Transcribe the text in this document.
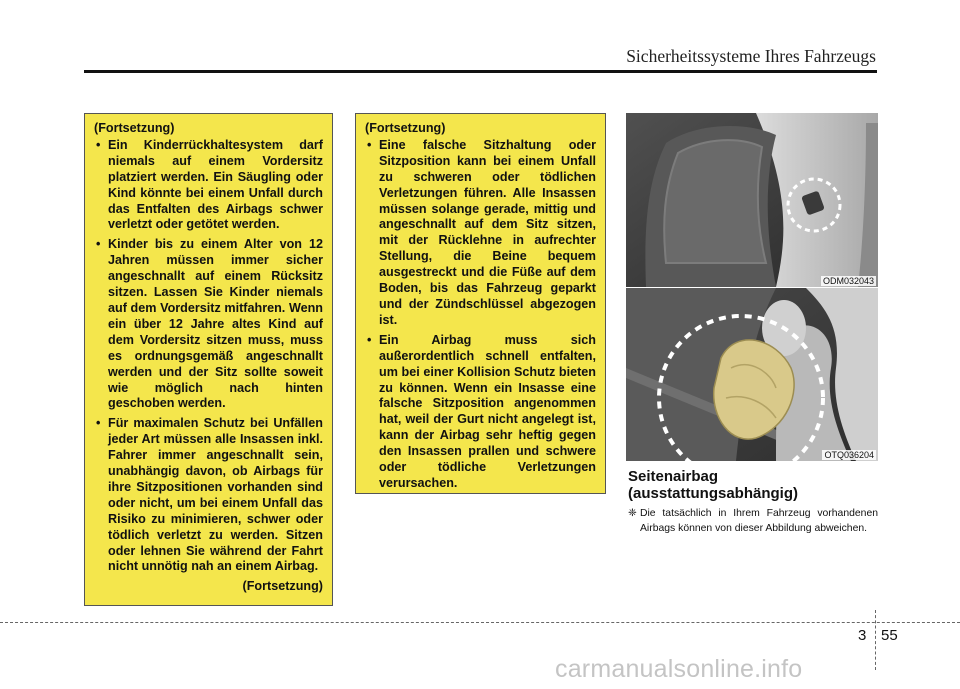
Sicherheitssysteme Ihres Fahrzeugs
(Fortsetzung)
• Ein Kinderrückhaltesystem darf niemals auf einem Vordersitz platziert werden. Ein Säugling oder Kind könnte bei einem Unfall durch das Entfalten des Airbags schwer verletzt oder getötet werden.
• Kinder bis zu einem Alter von 12 Jahren müssen immer sicher angeschnallt auf einem Rücksitz sitzen. Lassen Sie Kinder niemals auf dem Vordersitz mitfahren. Wenn ein über 12 Jahre altes Kind auf dem Vordersitz sitzen muss, muss es ordnungsgemäß angeschnallt werden und der Sitz sollte soweit wie möglich nach hinten geschoben werden.
• Für maximalen Schutz bei Unfällen jeder Art müssen alle Insassen inkl. Fahrer immer angeschnallt sein, unabhängig davon, ob Airbags für ihre Sitzpositionen vorhanden sind oder nicht, um bei einem Unfall das Risiko zu minimieren, schwer oder tödlich verletzt zu werden. Sitzen oder lehnen Sie während der Fahrt nicht unnötig nah an einem Airbag.
(Fortsetzung)
(Fortsetzung)
• Eine falsche Sitzhaltung oder Sitzposition kann bei einem Unfall zu schweren oder tödlichen Verletzungen führen. Alle Insassen müssen solange gerade, mittig und angeschnallt auf dem Sitz sitzen, mit der Rücklehne in aufrechter Stellung, die Beine bequem ausgestreckt und die Füße auf dem Boden, bis das Fahrzeug geparkt und der Zündschlüssel abgezogen ist.
• Ein Airbag muss sich außerordentlich schnell entfalten, um bei einer Kollision Schutz bieten zu können. Wenn ein Insasse eine falsche Sitzposition angenommen hat, weil der Gurt nicht angelegt ist, kann der Airbag sehr heftig gegen den Insassen prallen und schwere oder tödliche Verletzungen verursachen.
ODM032043
OTQ036204
Seitenairbag (ausstattungsabhängig)
❈ Die tatsächlich in Ihrem Fahrzeug vorhandenen Airbags können von dieser Abbildung abweichen.
3 55
carmanualsonline.info
